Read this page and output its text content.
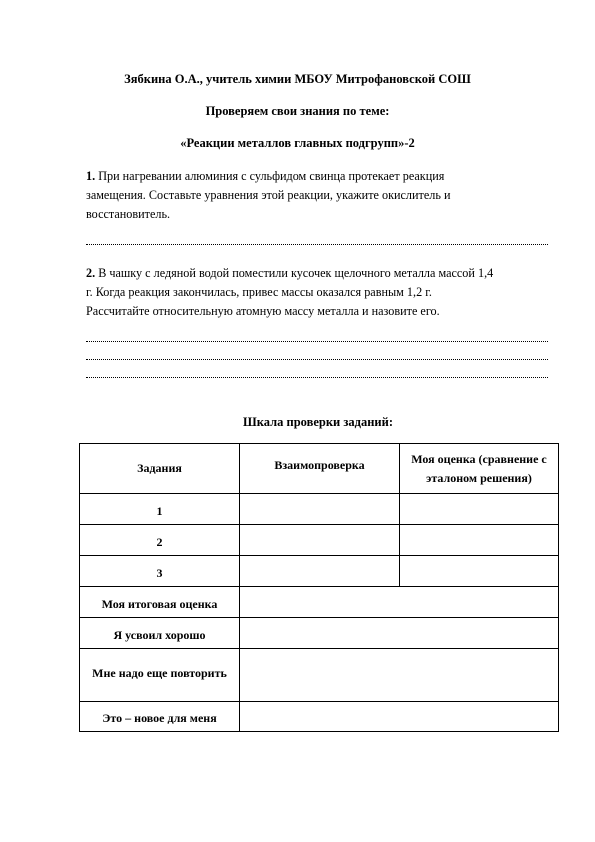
Зябкина О.А., учитель химии МБОУ Митрофановской СОШ
Проверяем свои знания по теме:
«Реакции металлов главных подгрупп»-2
1. При нагревании алюминия с сульфидом свинца протекает реакция
замещения. Составьте уравнения этой реакции, укажите окислитель и
восстановитель.
2. В чашку с ледяной водой поместили кусочек щелочного металла массой 1,4
г. Когда реакция закончилась, привес массы оказался равным 1,2 г.
Рассчитайте относительную атомную массу металла и назовите его.
Шкала проверки заданий:
Задания	Взаимопроверка	Моя оценка (сравнение с эталоном решения)
1		
2		
3		
Моя итоговая оценка		
Я усвоил хорошо		
Мне надо еще повторить		
Это – новое для меня		
